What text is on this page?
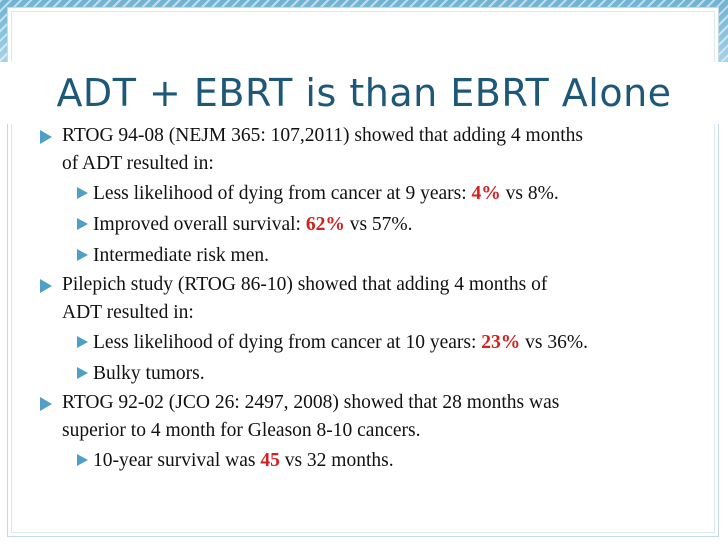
ADT + EBRT is than EBRT Alone
RTOG 94-08 (NEJM 365: 107,2011) showed that adding 4 months
of ADT resulted in:
Less likelihood of dying from cancer at 9 years: 4% vs 8%.
Improved overall survival: 62% vs 57%.
Intermediate risk men.
Pilepich study (RTOG 86-10) showed that adding 4 months of
ADT resulted in:
Less likelihood of dying from cancer at 10 years: 23% vs 36%.
Bulky tumors.
RTOG 92-02 (JCO 26: 2497, 2008) showed that 28 months was
superior to 4 month for Gleason 8-10 cancers.
10-year survival was 45 vs 32 months.
